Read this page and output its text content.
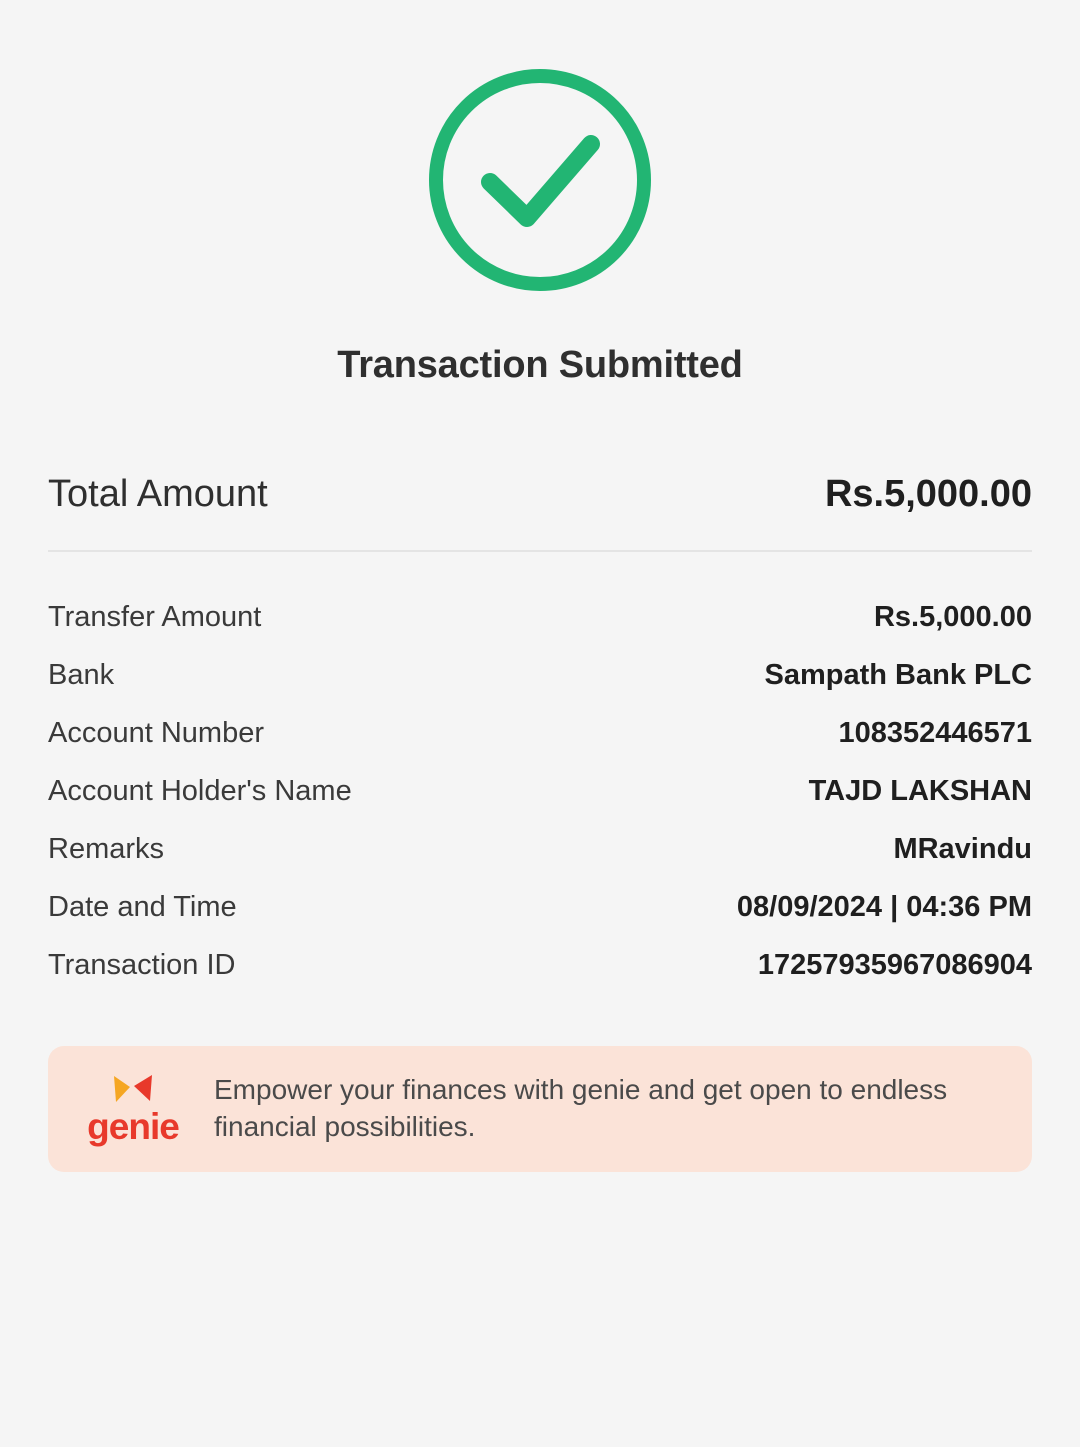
Transaction Submitted
Total Amount	Rs.5,000.00
Transfer Amount	Rs.5,000.00
Bank	Sampath Bank PLC
Account Number	108352446571
Account Holder's Name	TAJD LAKSHAN
Remarks	MRavindu
Date and Time	08/09/2024 | 04:36 PM
Transaction ID	17257935967086904
genie
Empower your finances with genie and get open to endless financial possibilities.
